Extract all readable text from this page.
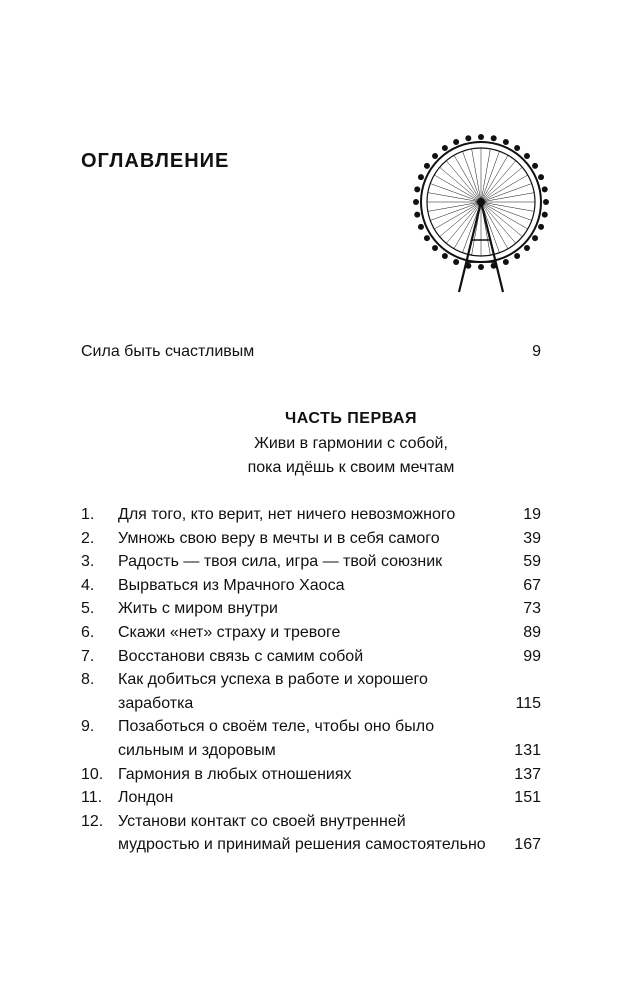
ОГЛАВЛЕНИЕ
Сила быть счастливым	9
ЧАСТЬ ПЕРВАЯ
Живи в гармонии с собой,
пока идёшь к своим мечтам
1. Для того, кто верит, нет ничего невозможного	19
2. Умножь свою веру в мечты и в себя самого	39
3. Радость — твоя сила, игра — твой союзник	59
4. Вырваться из Мрачного Хаоса	67
5. Жить с миром внутри	73
6. Скажи «нет» страху и тревоге	89
7. Восстанови связь с самим собой	99
8. Как добиться успеха в работе и хорошего
заработка	115
9. Позаботься о своём теле, чтобы оно было
сильным и здоровым	131
10. Гармония в любых отношениях	137
11. Лондон	151
12. Установи контакт со своей внутренней
мудростью и принимай решения самостоятельно 167
